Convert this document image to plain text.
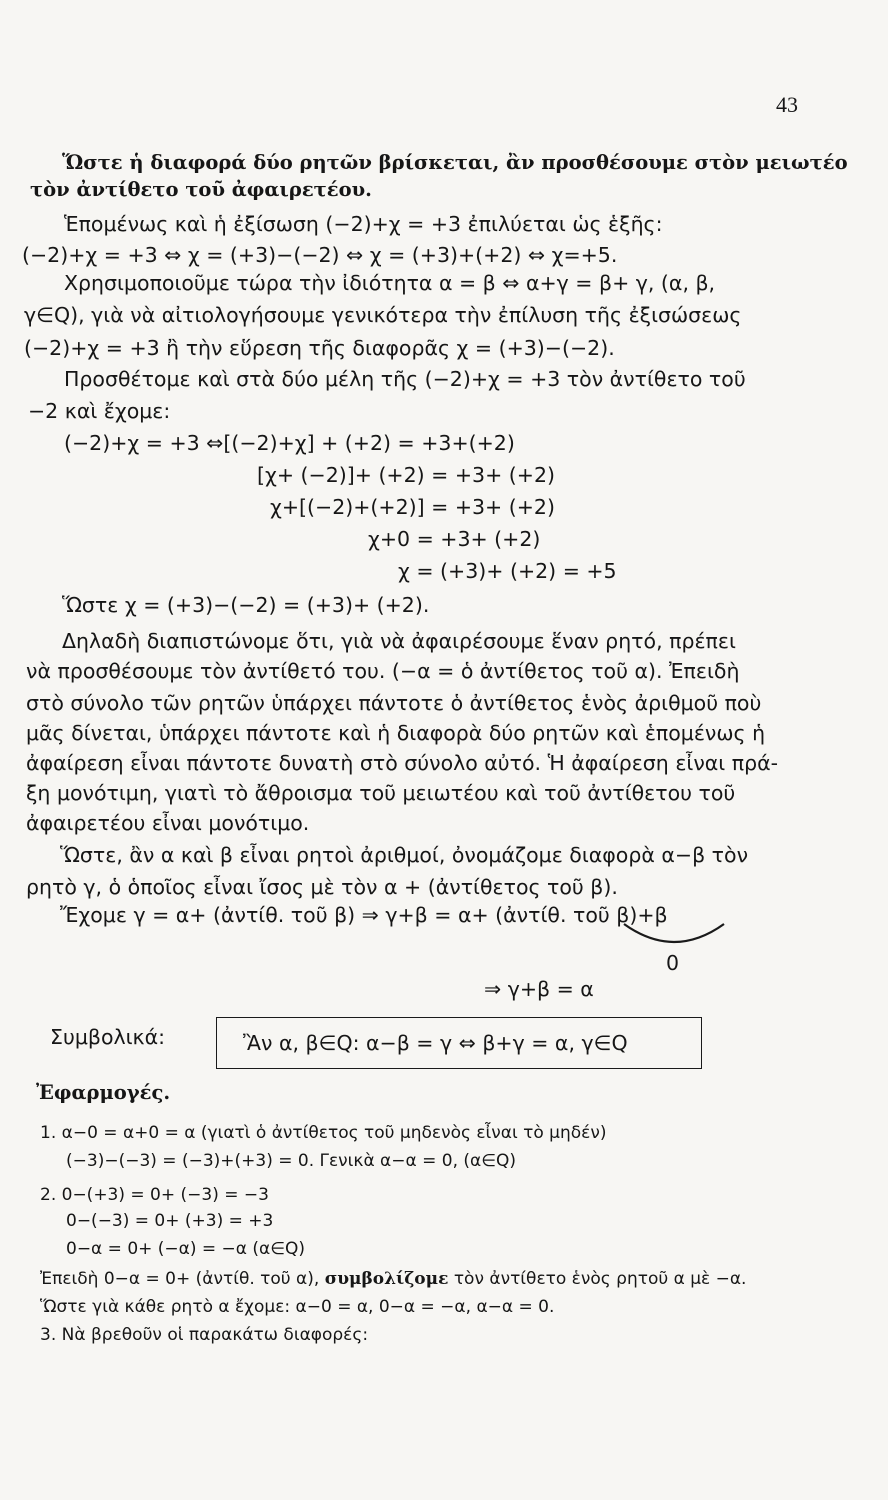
43
Ὥστε ἡ διαφορά δύο ρητῶν βρίσκεται, ἂν προσθέσουμε στὸν μειωτέο
τὸν ἀντίθετο τοῦ ἀφαιρετέου.
Ἑπομένως καὶ ἡ ἐξίσωση (−2)+χ = +3 ἐπιλύεται ὡς ἑξῆς:
(−2)+χ = +3 ⇔ χ = (+3)−(−2) ⇔ χ = (+3)+(+2) ⇔ χ=+5.
Χρησιμοποιοῦμε τώρα τὴν ἰδιότητα α = β ⇔ α+γ = β+ γ, (α, β,
γ∈Q), γιὰ νὰ αἰτιολογήσουμε γενικότερα τὴν ἐπίλυση τῆς ἐξισώσεως
(−2)+χ = +3 ἢ τὴν εὕρεση τῆς διαφορᾶς χ = (+3)−(−2).
Προσθέτομε καὶ στὰ δύο μέλη τῆς (−2)+χ = +3 τὸν ἀντίθετο τοῦ
−2 καὶ ἔχομε:
(−2)+χ = +3 ⇔[(−2)+χ] + (+2) = +3+(+2)
[χ+ (−2)]+ (+2) = +3+ (+2)
χ+[(−2)+(+2)] = +3+ (+2)
χ+0 = +3+ (+2)
χ = (+3)+ (+2) = +5
Ὥστε χ = (+3)−(−2) = (+3)+ (+2).
Δηλαδὴ διαπιστώνομε ὅτι, γιὰ νὰ ἀφαιρέσουμε ἕναν ρητό, πρέπει
νὰ προσθέσουμε τὸν ἀντίθετό του. (−α = ὁ ἀντίθετος τοῦ α). Ἐπειδὴ
στὸ σύνολο τῶν ρητῶν ὑπάρχει πάντοτε ὁ ἀντίθετος ἑνὸς ἀριθμοῦ ποὺ
μᾶς δίνεται, ὑπάρχει πάντοτε καὶ ἡ διαφορὰ δύο ρητῶν καὶ ἑπομένως ἡ
ἀφαίρεση εἶναι πάντοτε δυνατὴ στὸ σύνολο αὐτό. Ἡ ἀφαίρεση εἶναι πρά-
ξη μονότιμη, γιατὶ τὸ ἄθροισμα τοῦ μειωτέου καὶ τοῦ ἀντίθετου τοῦ
ἀφαιρετέου εἶναι μονότιμο.
Ὥστε, ἂν α καὶ β εἶναι ρητοὶ ἀριθμοί, ὀνομάζομε διαφορὰ α−β τὸν
ρητὸ γ, ὁ ὁποῖος εἶναι ἴσος μὲ τὸν α + (ἀντίθετος τοῦ β).
Ἔχομε γ = α+ (ἀντίθ. τοῦ β) ⇒ γ+β = α+ (ἀντίθ. τοῦ β)+β
0
⇒ γ+β = α
Συμβολικά:	Ἂν α, β∈Q: α−β = γ ⇔ β+γ = α, γ∈Q
Ἐφαρμογές.
1. α−0 = α+0 = α (γιατὶ ὁ ἀντίθετος τοῦ μηδενὸς εἶναι τὸ μηδέν)
(−3)−(−3) = (−3)+(+3) = 0. Γενικὰ α−α = 0, (α∈Q)
2. 0−(+3) = 0+ (−3) = −3
0−(−3) = 0+ (+3) = +3
0−α = 0+ (−α) = −α (α∈Q)
Ἐπειδὴ 0−α = 0+ (ἀντίθ. τοῦ α), συμβολίζομε τὸν ἀντίθετο ἑνὸς ρητοῦ α μὲ −α.
Ὥστε γιὰ κάθε ρητὸ α ἔχομε: α−0 = α, 0−α = −α, α−α = 0.
3. Νὰ βρεθοῦν οἱ παρακάτω διαφορές:
